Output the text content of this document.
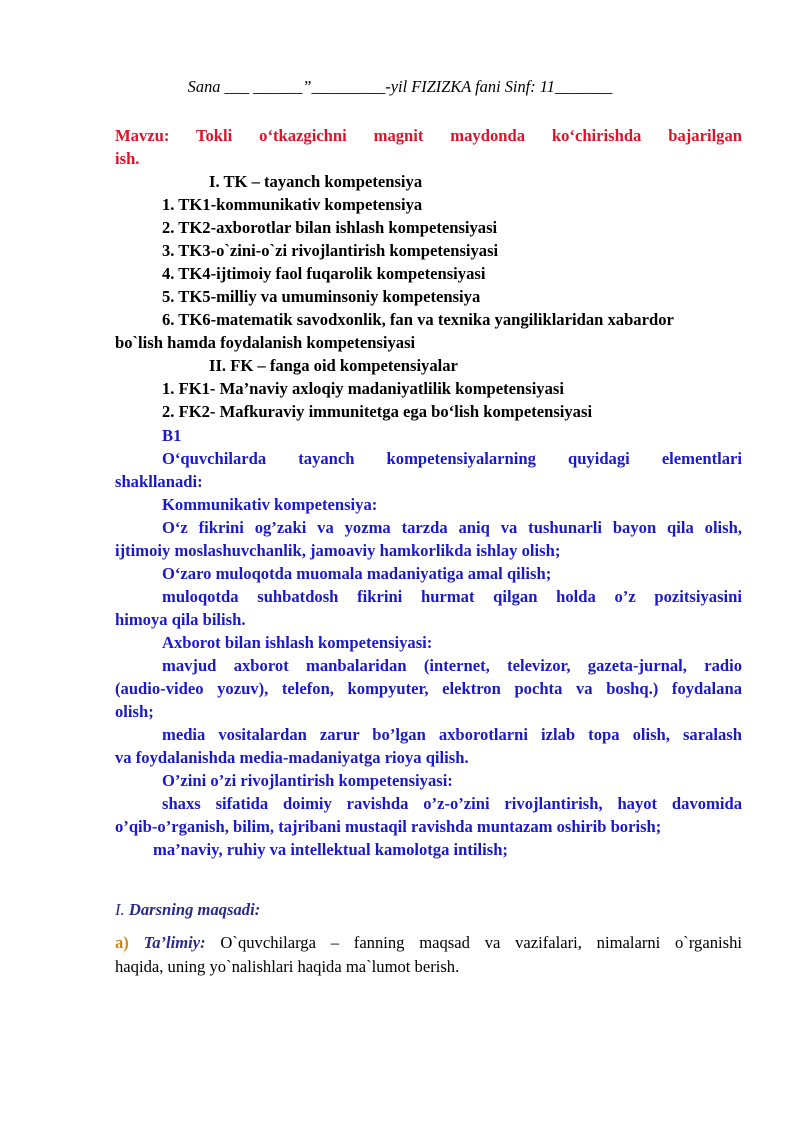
Sana ___ ______”_________-yil FIZIZKA fani Sinf: 11_______
Mavzu: Tokli o‘tkazgichni magnit maydonda ko‘chirishda bajarilgan
ish.
I. TK – tayanch kompetensiya
1. TK1-kommunikativ kompetensiya
2. TK2-axborotlar bilan ishlash kompetensiyasi
3. TK3-o`zini-o`zi rivojlantirish kompetensiyasi
4. TK4-ijtimoiy faol fuqarolik kompetensiyasi
5. TK5-milliy va umuminsoniy kompetensiya
6. TK6-matematik savodxonlik, fan va texnika yangiliklaridan xabardor
bo`lish hamda foydalanish kompetensiyasi
II. FK – fanga oid kompetensiyalar
1. FK1- Ma’naviy axloqiy madaniyatlilik kompetensiyasi
2. FK2- Mafkuraviy immunitetga ega bo‘lish kompetensiyasi
B1
O‘quvchilarda tayanch kompetensiyalarning quyidagi elementlari
shakllanadi:
Kommunikativ kompetensiya:
O‘z fikrini og’zaki va yozma tarzda aniq va tushunarli bayon qila olish,
ijtimoiy moslashuvchanlik, jamoaviy hamkorlikda ishlay olish;
O‘zaro muloqotda muomala madaniyatiga amal qilish;
muloqotda suhbatdosh fikrini hurmat qilgan holda o’z pozitsiyasini
himoya qila bilish.
Axborot bilan ishlash kompetensiyasi:
mavjud axborot manbalaridan (internet, televizor, gazeta-jurnal, radio
(audio-video yozuv), telefon, kompyuter, elektron pochta va boshq.) foydalana
olish;
media vositalardan zarur bo’lgan axborotlarni izlab topa olish, saralash
va foydalanishda media-madaniyatga rioya qilish.
O’zini o’zi rivojlantirish kompetensiyasi:
shaxs sifatida doimiy ravishda o’z-o’zini rivojlantirish, hayot davomida
o’qib-o’rganish, bilim, tajribani mustaqil ravishda muntazam oshirib borish;
ma’naviy, ruhiy va intellektual kamolotga intilish;
I. Darsning maqsadi:
a) Ta’limiy: O`quvchilarga – fanning maqsad va vazifalari, nimalarni o`rganishi
haqida, uning yo`nalishlari haqida ma`lumot berish.
